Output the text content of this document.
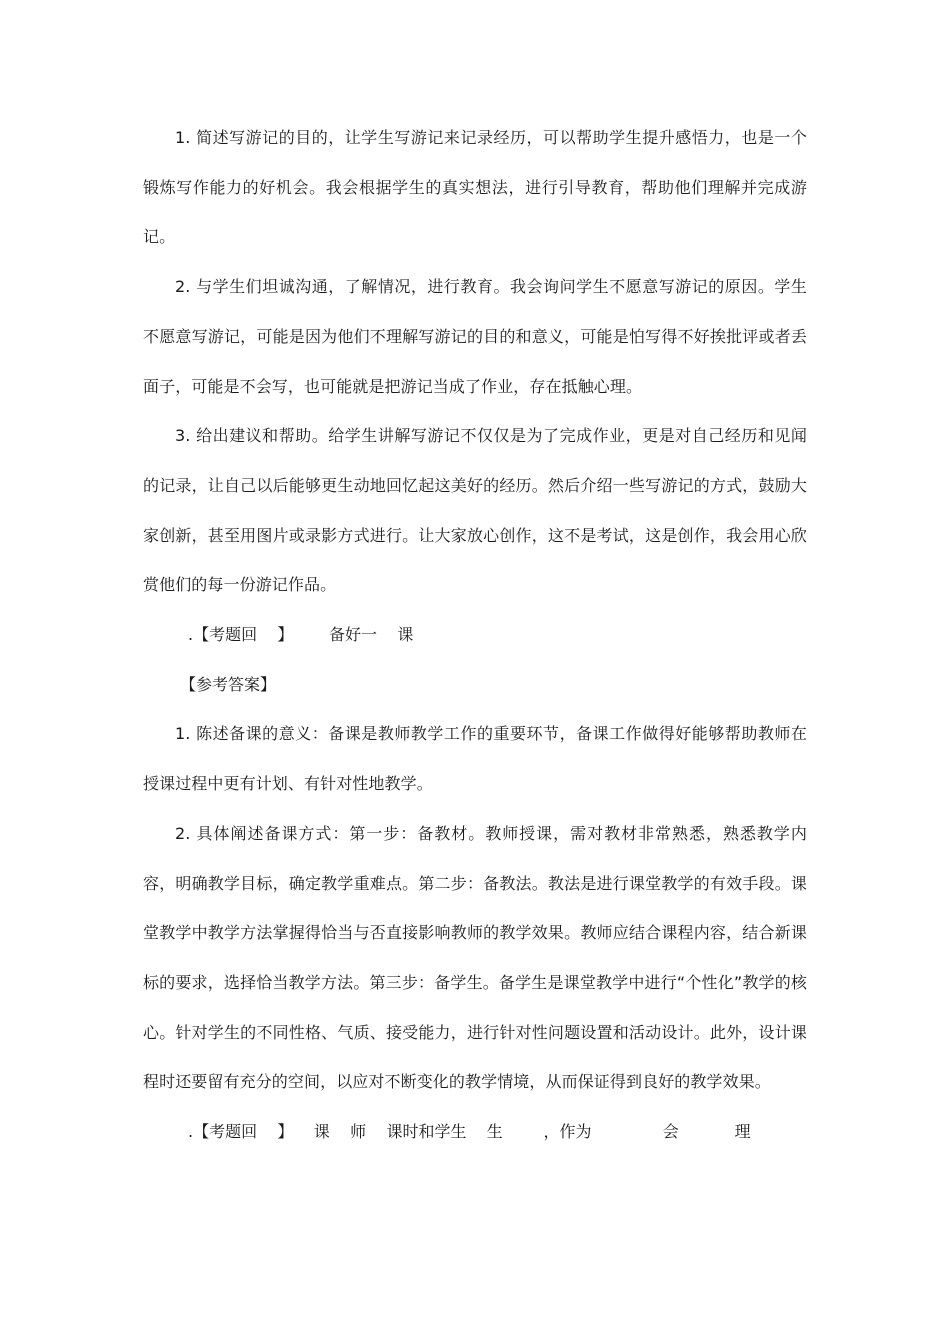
1. 简述写游记的目的，让学生写游记来记录经历，可以帮助学生提升感悟力，也是一个锻炼写作能力的好机会。我会根据学生的真实想法，进行引导教育，帮助他们理解并完成游记。

2. 与学生们坦诚沟通，了解情况，进行教育。我会询问学生不愿意写游记的原因。学生不愿意写游记，可能是因为他们不理解写游记的目的和意义，可能是怕写得不好挨批评或者丢面子，可能是不会写，也可能就是把游记当成了作业，存在抵触心理。

3. 给出建议和帮助。给学生讲解写游记不仅仅是为了完成作业，更是对自己经历和见闻的记录，让自己以后能够更生动地回忆起这美好的经历。然后介绍一些写游记的方式，鼓励大家创新，甚至用图片或录影方式进行。让大家放心创作，这不是考试，这是创作，我会用心欣赏他们的每一份游记作品。

.【考题回    】       备好一    课

【参考答案】

1. 陈述备课的意义：备课是教师教学工作的重要环节，备课工作做得好能够帮助教师在授课过程中更有计划、有针对性地教学。

2. 具体阐述备课方式：第一步：备教材。教师授课，需对教材非常熟悉，熟悉教学内容，明确教学目标，确定教学重难点。第二步：备教法。教法是进行课堂教学的有效手段。课堂教学中教学方法掌握得恰当与否直接影响教师的教学效果。教师应结合课程内容，结合新课标的要求，选择恰当教学方法。第三步：备学生。备学生是课堂教学中进行“个性化”教学的核心。针对学生的不同性格、气质、接受能力，进行针对性问题设置和活动设计。此外，设计课程时还要留有充分的空间，以应对不断变化的教学情境，从而保证得到良好的教学效果。

.【考题回    】    课    师    课时和学生    生        ，作为              会           理
